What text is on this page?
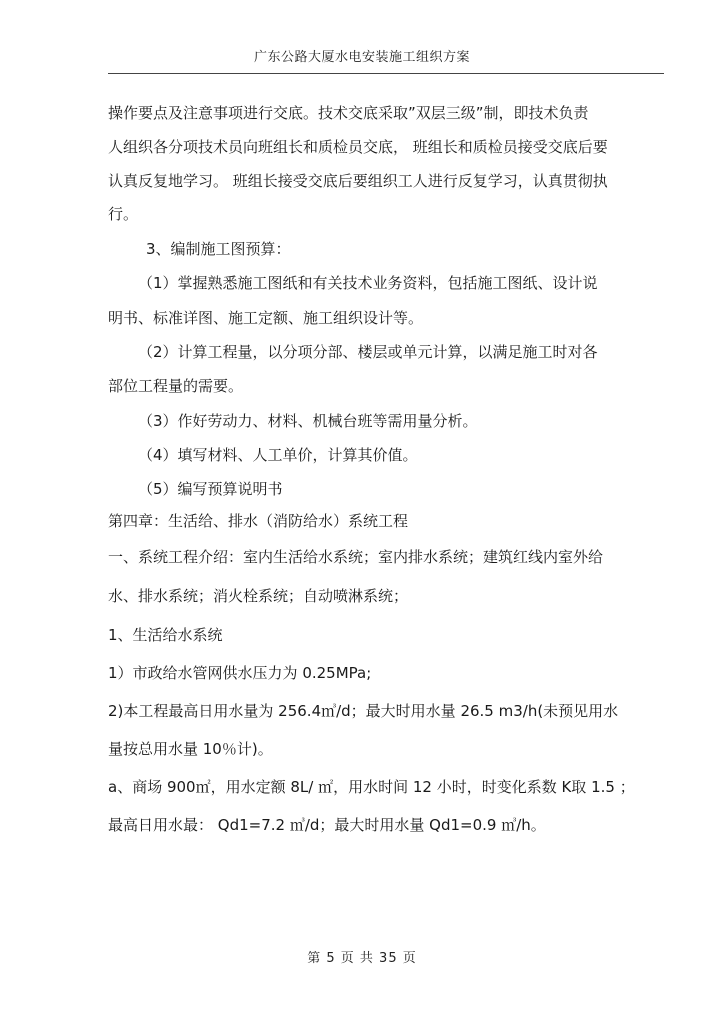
广东公路大厦水电安装施工组织方案
操作要点及注意事项进行交底。技术交底采取”双层三级”制，即技术负责
人组织各分项技术员向班组长和质检员交底， 班组长和质检员接受交底后要
认真反复地学习。 班组长接受交底后要组织工人进行反复学习，认真贯彻执
行。
3、编制施工图预算：
（1）掌握熟悉施工图纸和有关技术业务资料，包括施工图纸、设计说
明书、标准详图、施工定额、施工组织设计等。
（2）计算工程量，以分项分部、楼层或单元计算，以满足施工时对各
部位工程量的需要。
（3）作好劳动力、材料、机械台班等需用量分析。
（4）填写材料、人工单价，计算其价值。
（5）编写预算说明书
第四章：生活给、排水（消防给水）系统工程
一、系统工程介绍：室内生活给水系统；室内排水系统；建筑红线内室外给
水、排水系统；消火栓系统；自动喷淋系统；
1、生活给水系统
1）市政给水管网供水压力为 0.25MPa;
2)本工程最高日用水量为 256.4㎥/d；最大时用水量 26.5 m3/h(未预见用水
量按总用水量 10％计)。
a、商场 900㎡，用水定额 8L/ ㎡，用水时间 12 小时，时变化系数 K取 1.5 ；
最高日用水最： Qd1=7.2 ㎥/d；最大时用水量 Qd1=0.9 ㎥/h。
第 5 页 共 35 页
